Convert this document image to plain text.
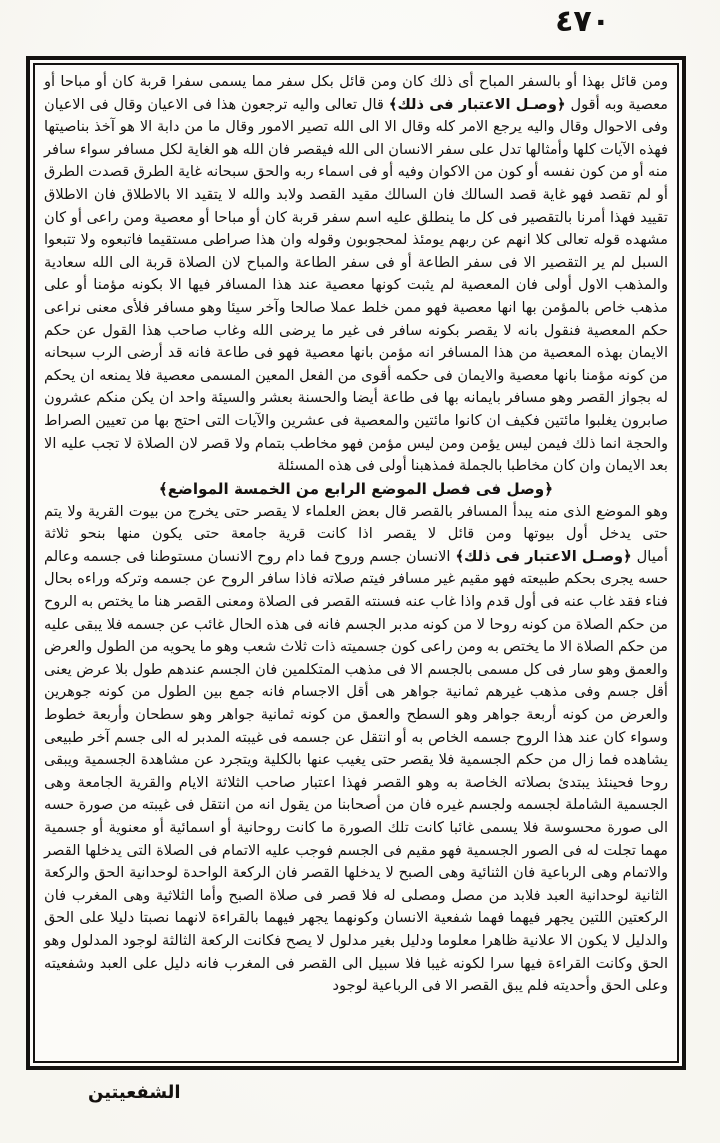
٤٧٠

ومن قائل بهذا أو بالسفر المباح أى ذلك كان ومن قائل بكل سفر مما يسمى سفرا قربة كان أو مباحا أو معصية وبه أقول﴿وصـل الاعتبار فى ذلك﴾قال تعالى واليه ترجعون هذا فى الاعيان وقال فى الاعيان وفى الاحوال وقال واليه يرجع الامر كله وقال الا الى الله تصير الامور وقال ما من دابة الا هو آخذ بناصيتها فهذه الآيات كلها وأمثالها تدل على سفر الانسان الى الله فيقصر فان الله هو الغاية لكل مسافر سواء سافر منه أو من كون نفسه أو كون من الاكوان وفيه أو فى اسماء ربه والحق سبحانه غاية الطرق قصدت الطرق أو لم تقصد فهو غاية قصد السالك فان السالك مقيد القصد ولابد والله لا يتقيد الا بالاطلاق فان الاطلاق تقييد فهذا أمرنا بالتقصير فى كل ما ينطلق عليه اسم سفر قربة كان أو مباحا أو معصية ومن راعى أو كان مشهده قوله تعالى كلا انهم عن ربهم يومئذ لمحجوبون وقوله وان هذا صراطى مستقيما فاتبعوه ولا تتبعوا السبل لم ير التقصير الا فى سفر الطاعة أو فى سفر الطاعة والمباح لان الصلاة قربة الى الله سعادية والمذهب الاول أولى فان المعصية لم يثبت كونها معصية عند هذا المسافر فيها الا بكونه مؤمنا أو على مذهب خاص بالمؤمن بها انها معصية فهو ممن خلط عملا صالحا وآخر سيئا وهو مسافر فلأى معنى نراعى حكم المعصية فنقول بانه لا يقصر بكونه سافر فى غير ما يرضى الله وغاب صاحب هذا القول عن حكم الايمان بهذه المعصية من هذا المسافر انه مؤمن بانها معصية فهو فى طاعة فانه قد أرضى الرب سبحانه من كونه مؤمنا بانها معصية والايمان فى حكمه أقوى من الفعل المعين المسمى معصية فلا يمنعه ان يحكم له بجواز القصر وهو مسافر بايمانه بها فى طاعة أيضا والحسنة بعشر والسيئة واحد ان يكن منكم عشرون صابرون يغلبوا مائتين فكيف ان كانوا مائتين والمعصية فى عشرين والآيات التى احتج بها من تعيين الصراط والحجة انما ذلك فيمن ليس يؤمن ومن ليس مؤمن فهو مخاطب بتمام ولا قصر لان الصلاة لا تجب عليه الا بعد الايمان وان كان مخاطبا بالجملة فمذهبنا أولى فى هذه المسئلة

﴿وصل فى فصل الموضع الرابع من الخمسة المواضع﴾

وهو الموضع الذى منه يبدأ المسافر بالقصر قال بعض العلماء لا يقصر حتى يخرج من بيوت القرية ولا يتم حتى يدخل أول بيوتها ومن قائل لا يقصر اذا كانت قرية جامعة حتى يكون منها بنحو ثلاثة أميال﴿وصـل الاعتبار فى ذلك﴾الانسان جسم وروح فما دام روح الانسان مستوطنا فى جسمه وعالم حسه يجرى بحكم طبيعته فهو مقيم غير مسافر فيتم صلاته فاذا سافر الروح عن جسمه وتركه وراءه بحال فناء فقد غاب عنه فى أول قدم واذا غاب عنه فسنته القصر فى الصلاة ومعنى القصر هنا ما يختص به الروح من حكم الصلاة من كونه روحا لا من كونه مدبر الجسم فانه فى هذه الحال غائب عن جسمه فلا يبقى عليه من حكم الصلاة الا ما يختص به ومن راعى كون جسميته ذات ثلاث شعب وهو ما يحويه من الطول والعرض والعمق وهو سار فى كل مسمى بالجسم الا فى مذهب المتكلمين فان الجسم عندهم طول بلا عرض يعنى أقل جسم وفى مذهب غيرهم ثمانية جواهر هى أقل الاجسام فانه جمع بين الطول من كونه جوهرين والعرض من كونه أربعة جواهر وهو السطح والعمق من كونه ثمانية جواهر وهو سطحان وأربعة خطوط وسواء كان عند هذا الروح جسمه الخاص به أو انتقل عن جسمه فى غيبته المدبر له الى جسم آخر طبيعى يشاهده فما زال من حكم الجسمية فلا يقصر حتى يغيب عنها بالكلية ويتجرد عن مشاهدة الجسمية ويبقى روحا فحينئذ يبتدئ بصلاته الخاصة به وهو القصر فهذا اعتبار صاحب الثلاثة الايام والقرية الجامعة وهى الجسمية الشاملة لجسمه ولجسم غيره فان من أصحابنا من يقول انه من انتقل فى غيبته من صورة حسه الى صورة محسوسة فلا يسمى غائبا كانت تلك الصورة ما كانت روحانية أو اسمائية أو معنوية أو جسمية مهما تجلت له فى الصور الجسمية فهو مقيم فى الجسم فوجب عليه الاتمام فى الصلاة التى يدخلها القصر والاتمام وهى الرباعية فان الثنائية وهى الصبح لا يدخلها القصر فان الركعة الواحدة لوحدانية الحق والركعة الثانية لوحدانية العبد فلابد من مصل ومصلى له فلا قصر فى صلاة الصبح وأما الثلاثية وهى المغرب فان الركعتين اللتين يجهر فيهما فهما شفعية الانسان وكونهما يجهر فيهما بالقراءة لانهما نصبتا دليلا على الحق والدليل لا يكون الا علانية ظاهرا معلوما ودليل بغير مدلول لا يصح فكانت الركعة الثالثة لوجود المدلول وهو الحق وكانت القراءة فيها سرا لكونه غيبا فلا سبيل الى القصر فى المغرب فانه دليل على العبد وشفعيته وعلى الحق وأحديته فلم يبق القصر الا فى الرباعية لوجود

الشفعيتين
